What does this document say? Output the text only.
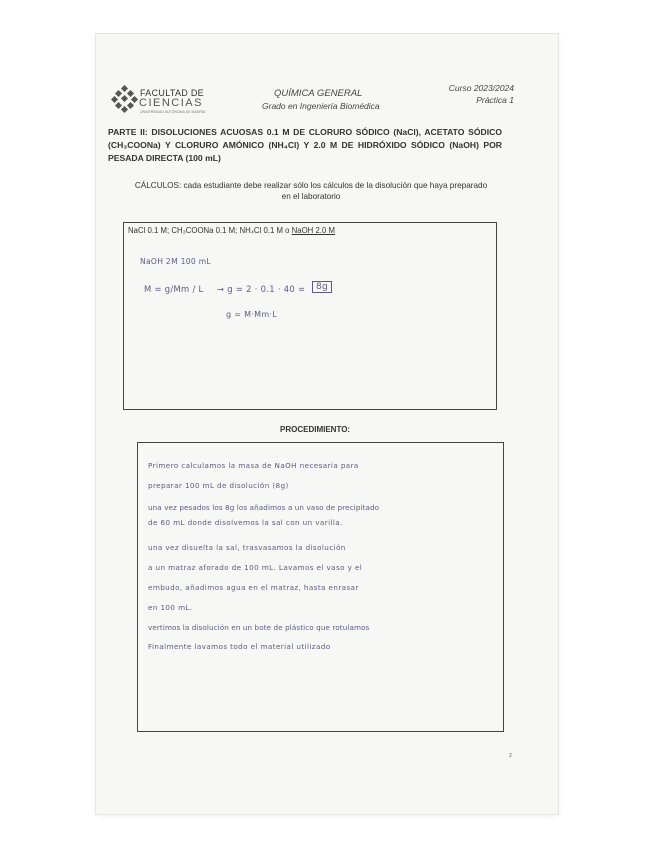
FACULTAD DE
CIENCIAS
UNIVERSIDAD AUTÓNOMA DE MADRID
QUÍMICA GENERAL
Grado en Ingeniería Biomédica
Curso 2023/2024
Práctica 1
PARTE II: DISOLUCIONES ACUOSAS 0.1 M DE CLORURO SÓDICO (NaCl), ACETATO SÓDICO (CH₃COONa) Y CLORURO AMÓNICO (NH₄Cl) Y 2.0 M DE HIDRÓXIDO SÓDICO (NaOH) POR PESADA DIRECTA (100 mL)
CÁLCULOS: cada estudiante debe realizar sólo los cálculos de la disolución que haya preparado
en el laboratorio
NaCl 0.1 M; CH₃COONa 0.1 M; NH₄Cl 0.1 M o NaOH 2.0 M
NaOH 2M 100 mL
M = g/Mm / L → g = 2 · 0.1 · 40 =	8g
g = M·Mm·L
PROCEDIMIENTO:
Primero calculamos la masa de NaOH necesaria para
preparar 100 mL de disolución (8g)
una vez pesados los 8g los añadimos a un vaso de precipitado
de 60 mL donde disolvemos la sal con un varilla.
una vez disuelta la sal, trasvasamos la disolución
a un matraz aforado de 100 mL. Lavamos el vaso y el
embudo, añadimos agua en el matraz, hasta enrasar
en 100 mL.
vertimos la disolución en un bote de plástico que rotulamos
Finalmente lavamos todo el material utilizado
2
